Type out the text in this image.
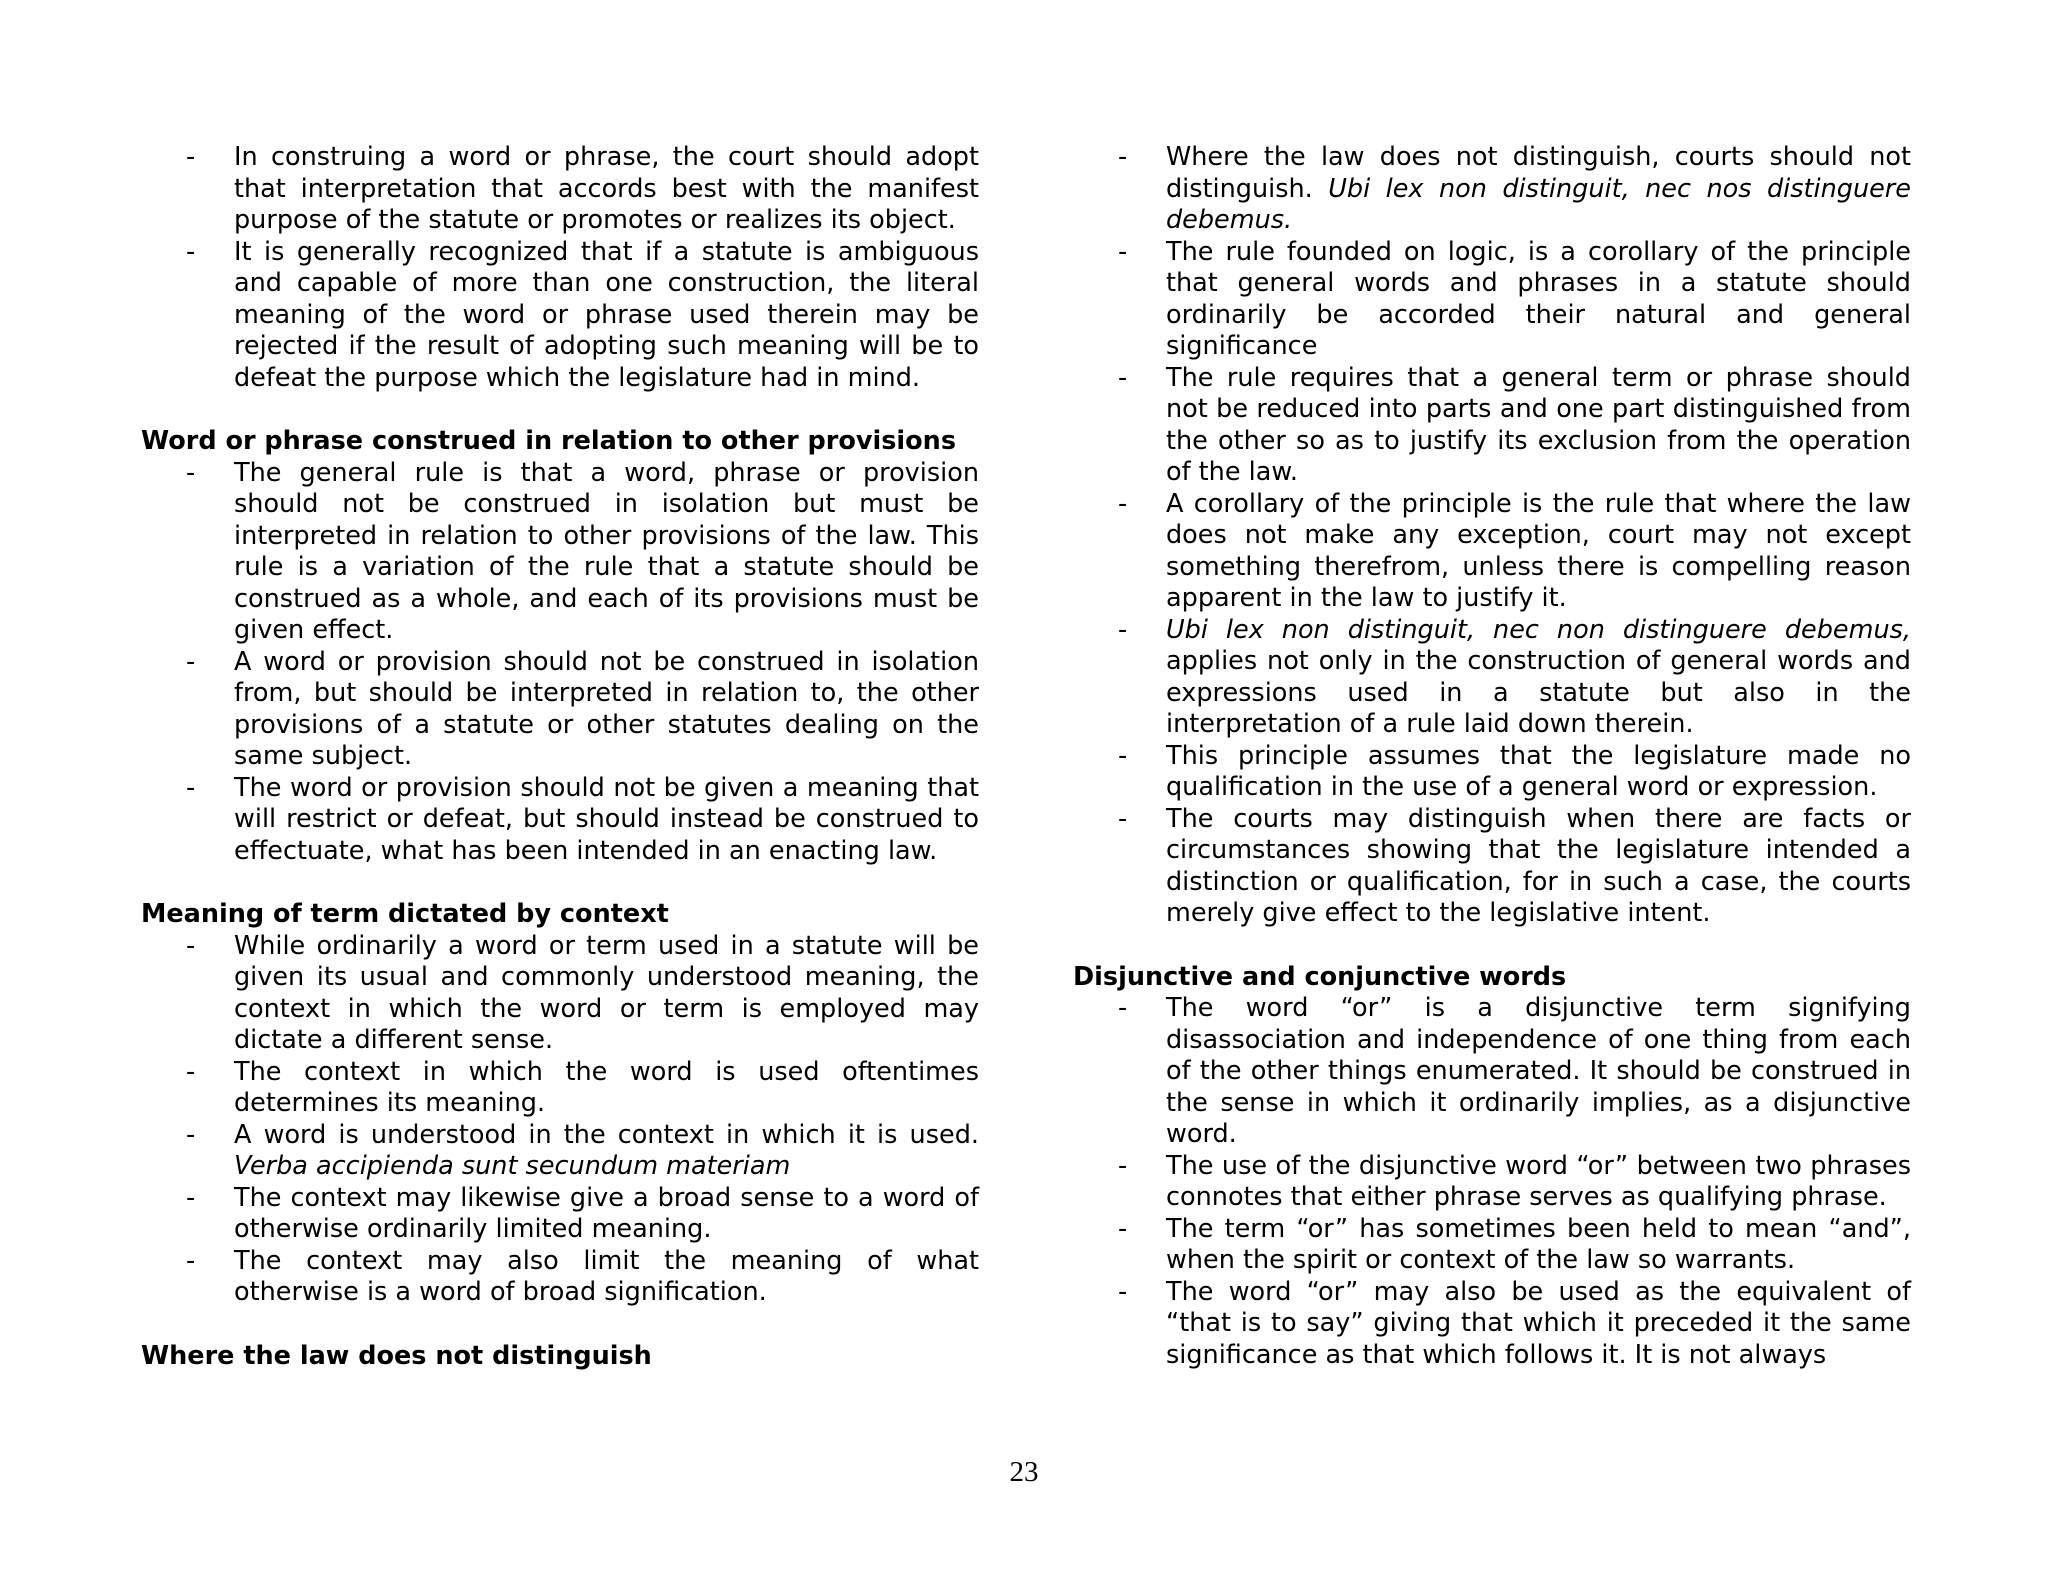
- In construing a word or phrase, the court should adopt that interpretation that accords best with the manifest purpose of the statute or promotes or realizes its object.
- It is generally recognized that if a statute is ambiguous and capable of more than one construction, the literal meaning of the word or phrase used therein may be rejected if the result of adopting such meaning will be to defeat the purpose which the legislature had in mind.
Word or phrase construed in relation to other provisions
- The general rule is that a word, phrase or provision should not be construed in isolation but must be interpreted in relation to other provisions of the law. This rule is a variation of the rule that a statute should be construed as a whole, and each of its provisions must be given effect.
- A word or provision should not be construed in isolation from, but should be interpreted in relation to, the other provisions of a statute or other statutes dealing on the same subject.
- The word or provision should not be given a meaning that will restrict or defeat, but should instead be construed to effectuate, what has been intended in an enacting law.
Meaning of term dictated by context
- While ordinarily a word or term used in a statute will be given its usual and commonly understood meaning, the context in which the word or term is employed may dictate a different sense.
- The context in which the word is used oftentimes determines its meaning.
- A word is understood in the context in which it is used. Verba accipienda sunt secundum materiam
- The context may likewise give a broad sense to a word of otherwise ordinarily limited meaning.
- The context may also limit the meaning of what otherwise is a word of broad signification.
Where the law does not distinguish
- Where the law does not distinguish, courts should not distinguish. Ubi lex non distinguit, nec nos distinguere debemus.
- The rule founded on logic, is a corollary of the principle that general words and phrases in a statute should ordinarily be accorded their natural and general significance
- The rule requires that a general term or phrase should not be reduced into parts and one part distinguished from the other so as to justify its exclusion from the operation of the law.
- A corollary of the principle is the rule that where the law does not make any exception, court may not except something therefrom, unless there is compelling reason apparent in the law to justify it.
- Ubi lex non distinguit, nec non distinguere debemus, applies not only in the construction of general words and expressions used in a statute but also in the interpretation of a rule laid down therein.
- This principle assumes that the legislature made no qualification in the use of a general word or expression.
- The courts may distinguish when there are facts or circumstances showing that the legislature intended a distinction or qualification, for in such a case, the courts merely give effect to the legislative intent.
Disjunctive and conjunctive words
- The word “or” is a disjunctive term signifying disassociation and independence of one thing from each of the other things enumerated. It should be construed in the sense in which it ordinarily implies, as a disjunctive word.
- The use of the disjunctive word “or” between two phrases connotes that either phrase serves as qualifying phrase.
- The term “or” has sometimes been held to mean “and”, when the spirit or context of the law so warrants.
- The word “or” may also be used as the equivalent of “that is to say” giving that which it preceded it the same significance as that which follows it. It is not always
23
